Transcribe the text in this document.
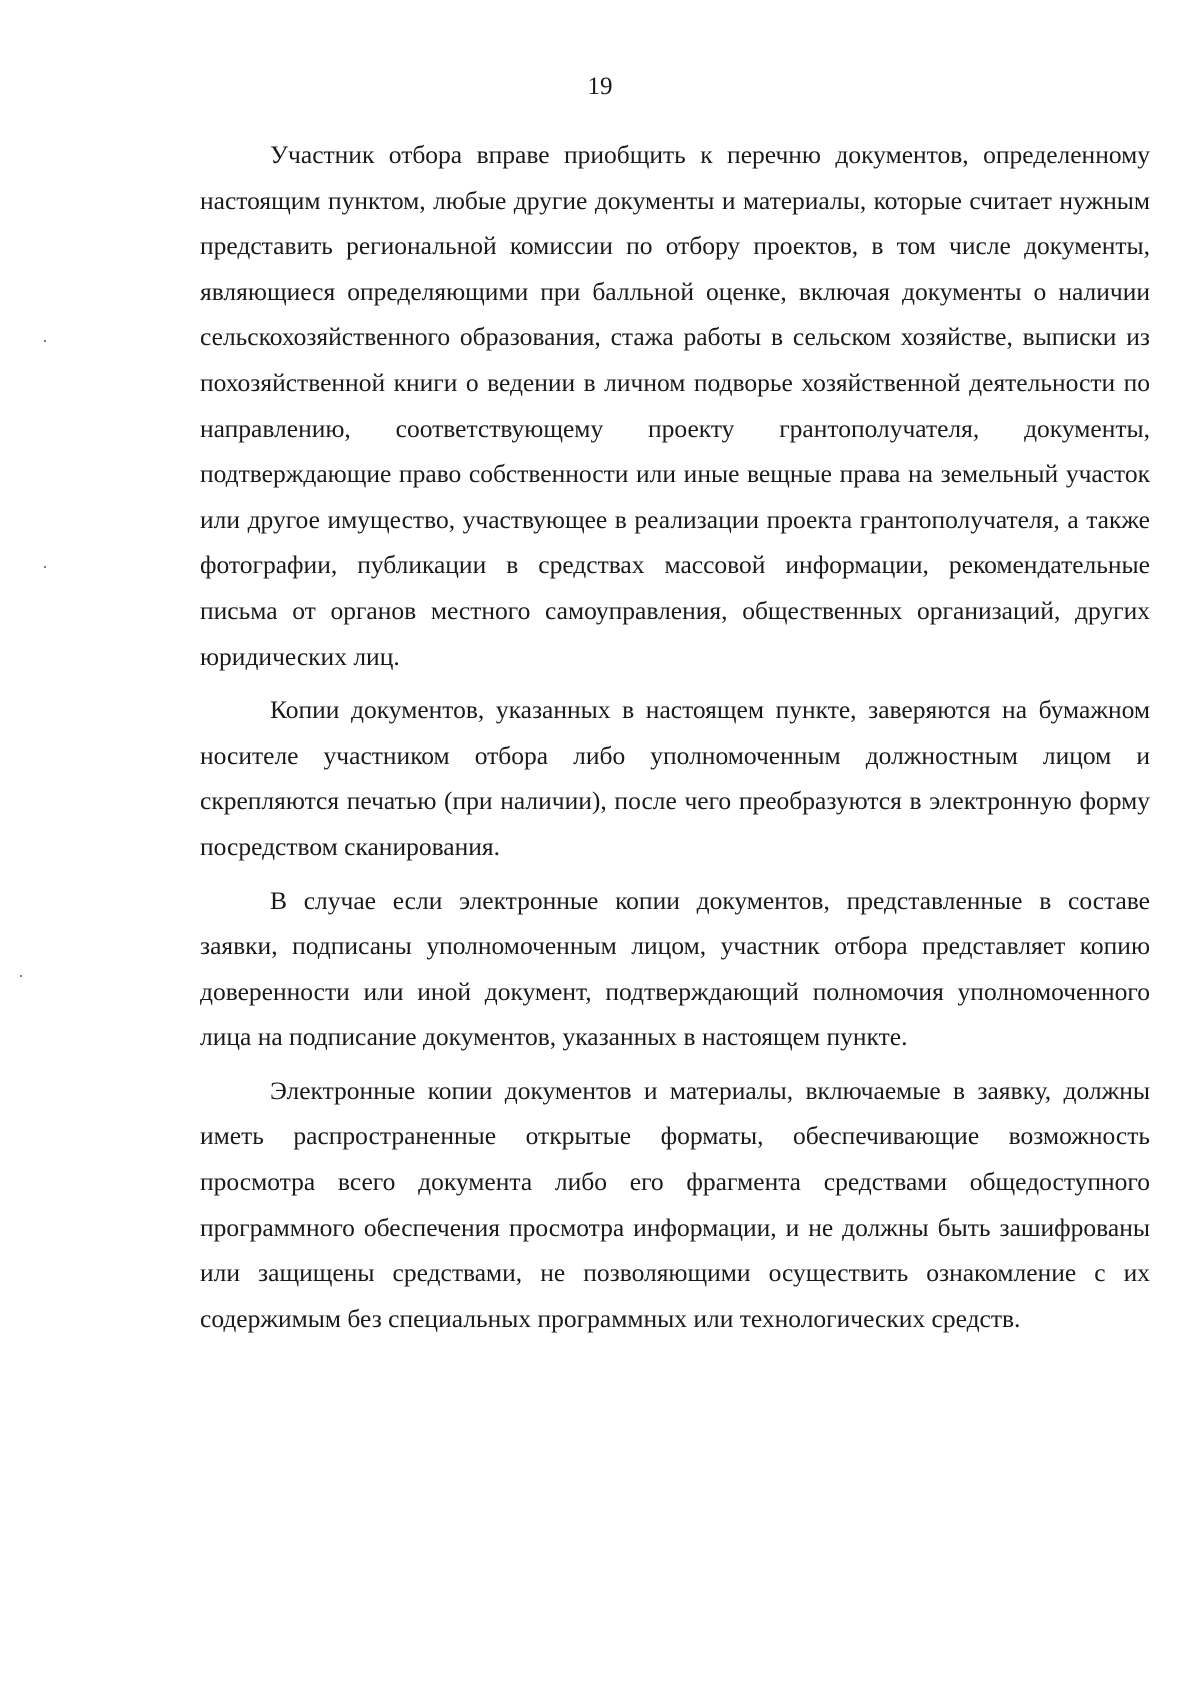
19

Участник отбора вправе приобщить к перечню документов, определенному настоящим пунктом, любые другие документы и материалы, которые считает нужным представить региональной комиссии по отбору проектов, в том числе документы, являющиеся определяющими при балльной оценке, включая документы о наличии сельскохозяйственного образования, стажа работы в сельском хозяйстве, выписки из похозяйственной книги о ведении в личном подворье хозяйственной деятельности по направлению, соответствующему проекту грантополучателя, документы, подтверждающие право собственности или иные вещные права на земельный участок или другое имущество, участвующее в реализации проекта грантополучателя, а также фотографии, публикации в средствах массовой информации, рекомендательные письма от органов местного самоуправления, общественных организаций, других юридических лиц.

Копии документов, указанных в настоящем пункте, заверяются на бумажном носителе участником отбора либо уполномоченным должностным лицом и скрепляются печатью (при наличии), после чего преобразуются в электронную форму посредством сканирования.

В случае если электронные копии документов, представленные в составе заявки, подписаны уполномоченным лицом, участник отбора представляет копию доверенности или иной документ, подтверждающий полномочия уполномоченного лица на подписание документов, указанных в настоящем пункте.

Электронные копии документов и материалы, включаемые в заявку, должны иметь распространенные открытые форматы, обеспечивающие возможность просмотра всего документа либо его фрагмента средствами общедоступного программного обеспечения просмотра информации, и не должны быть зашифрованы или защищены средствами, не позволяющими осуществить ознакомление с их содержимым без специальных программных или технологических средств.
